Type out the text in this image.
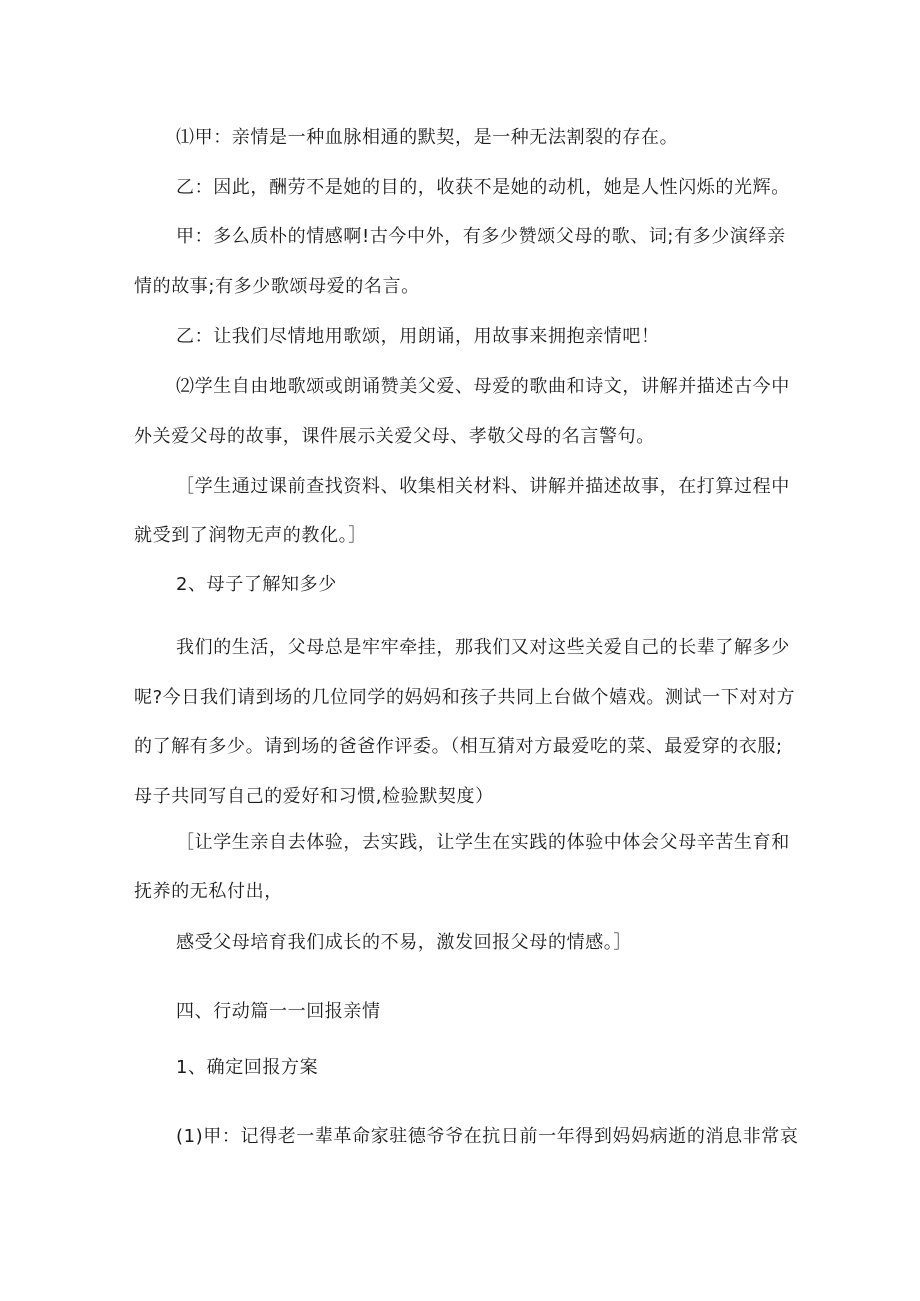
⑴甲：亲情是一种血脉相通的默契，是一种无法割裂的存在。
乙：因此，酬劳不是她的目的，收获不是她的动机，她是人性闪烁的光辉。
甲：多么质朴的情感啊!古今中外，有多少赞颂父母的歌、词;有多少演绎亲
情的故事;有多少歌颂母爱的名言。
乙：让我们尽情地用歌颂，用朗诵，用故事来拥抱亲情吧！
⑵学生自由地歌颂或朗诵赞美父爱、母爱的歌曲和诗文，讲解并描述古今中
外关爱父母的故事，课件展示关爱父母、孝敬父母的名言警句。
［学生通过课前查找资料、收集相关材料、讲解并描述故事，在打算过程中
就受到了润物无声的教化。］
2、母子了解知多少
我们的生活，父母总是牢牢牵挂，那我们又对这些关爱自己的长辈了解多少
呢?今日我们请到场的几位同学的妈妈和孩子共同上台做个嬉戏。测试一下对对方
的了解有多少。请到场的爸爸作评委。（相互猜对方最爱吃的菜、最爱穿的衣服;
母子共同写自己的爱好和习惯,检验默契度）
［让学生亲自去体验，去实践，让学生在实践的体验中体会父母辛苦生育和
抚养的无私付出，
感受父母培育我们成长的不易，激发回报父母的情感。］
四、行动篇一一回报亲情
1、确定回报方案
(1)甲：记得老一辈革命家驻德爷爷在抗日前一年得到妈妈病逝的消息非常哀
